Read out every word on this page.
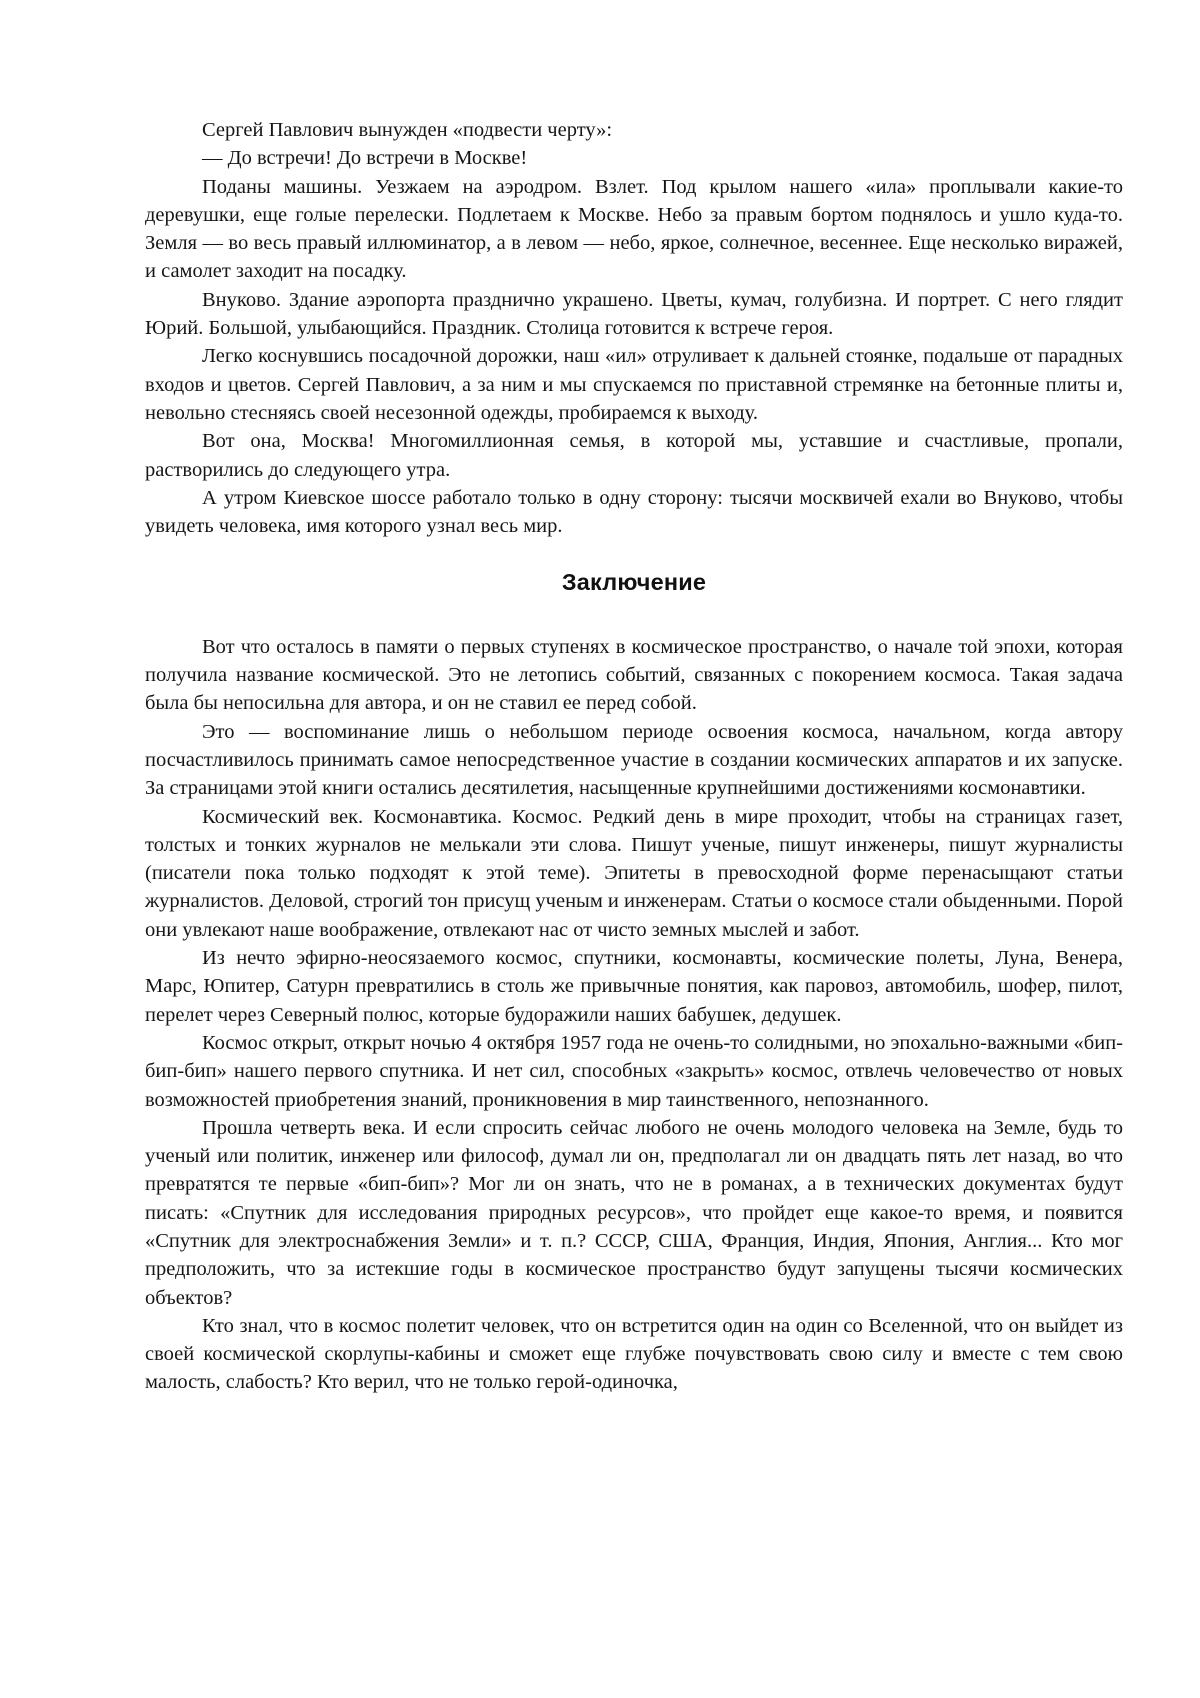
Сергей Павлович вынужден «подвести черту»:

— До встречи! До встречи в Москве!

Поданы машины. Уезжаем на аэродром. Взлет. Под крылом нашего «ила» проплывали какие-то деревушки, еще голые перелески. Подлетаем к Москве. Небо за правым бортом поднялось и ушло куда-то. Земля — во весь правый иллюминатор, а в левом — небо, яркое, солнечное, весеннее. Еще несколько виражей, и самолет заходит на посадку.

Внуково. Здание аэропорта празднично украшено. Цветы, кумач, голубизна. И портрет. С него глядит Юрий. Большой, улыбающийся. Праздник. Столица готовится к встрече героя.

Легко коснувшись посадочной дорожки, наш «ил» отруливает к дальней стоянке, подальше от парадных входов и цветов. Сергей Павлович, а за ним и мы спускаемся по приставной стремянке на бетонные плиты и, невольно стесняясь своей несезонной одежды, пробираемся к выходу.

Вот она, Москва! Многомиллионная семья, в которой мы, уставшие и счастливые, пропали, растворились до следующего утра.

А утром Киевское шоссе работало только в одну сторону: тысячи москвичей ехали во Внуково, чтобы увидеть человека, имя которого узнал весь мир.

Заключение

Вот что осталось в памяти о первых ступенях в космическое пространство, о начале той эпохи, которая получила название космической. Это не летопись событий, связанных с покорением космоса. Такая задача была бы непосильна для автора, и он не ставил ее перед собой.

Это — воспоминание лишь о небольшом периоде освоения космоса, начальном, когда автору посчастливилось принимать самое непосредственное участие в создании космических аппаратов и их запуске. За страницами этой книги остались десятилетия, насыщенные крупнейшими достижениями космонавтики.

Космический век. Космонавтика. Космос. Редкий день в мире проходит, чтобы на страницах газет, толстых и тонких журналов не мелькали эти слова. Пишут ученые, пишут инженеры, пишут журналисты (писатели пока только подходят к этой теме). Эпитеты в превосходной форме перенасыщают статьи журналистов. Деловой, строгий тон присущ ученым и инженерам. Статьи о космосе стали обыденными. Порой они увлекают наше воображение, отвлекают нас от чисто земных мыслей и забот.

Из нечто эфирно-неосязаемого космос, спутники, космонавты, космические полеты, Луна, Венера, Марс, Юпитер, Сатурн превратились в столь же привычные понятия, как паровоз, автомобиль, шофер, пилот, перелет через Северный полюс, которые будоражили наших бабушек, дедушек.

Космос открыт, открыт ночью 4 октября 1957 года не очень-то солидными, но эпохально-важными «бип-бип-бип» нашего первого спутника. И нет сил, способных «закрыть» космос, отвлечь человечество от новых возможностей приобретения знаний, проникновения в мир таинственного, непознанного.

Прошла четверть века. И если спросить сейчас любого не очень молодого человека на Земле, будь то ученый или политик, инженер или философ, думал ли он, предполагал ли он двадцать пять лет назад, во что превратятся те первые «бип-бип»? Мог ли он знать, что не в романах, а в технических документах будут писать: «Спутник для исследования природных ресурсов», что пройдет еще какое-то время, и появится «Спутник для электроснабжения Земли» и т. п.? СССР, США, Франция, Индия, Япония, Англия... Кто мог предположить, что за истекшие годы в космическое пространство будут запущены тысячи космических объектов?

Кто знал, что в космос полетит человек, что он встретится один на один со Вселенной, что он выйдет из своей космической скорлупы-кабины и сможет еще глубже почувствовать свою силу и вместе с тем свою малость, слабость? Кто верил, что не только герой-одиночка,
